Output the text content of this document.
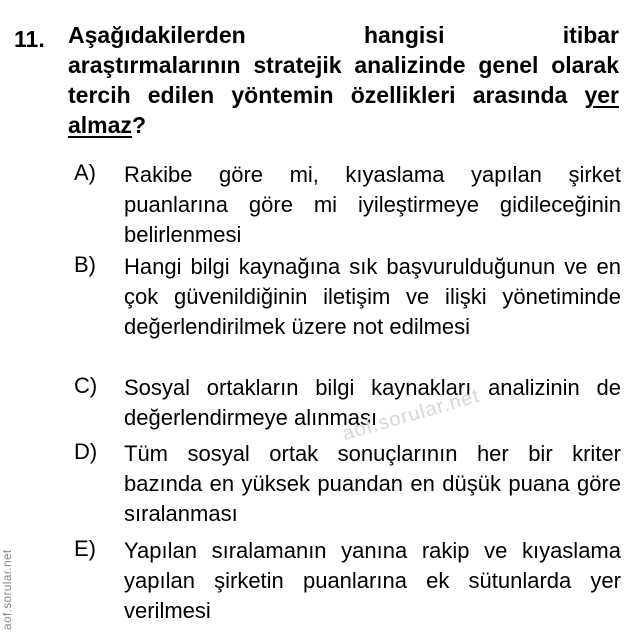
11. Aşağıdakilerden hangisi itibar
araştırmalarının stratejik analizinde genel olarak tercih edilen yöntemin özellikleri arasında yer almaz?
A) Rakibe göre mi, kıyaslama yapılan şirket puanlarına göre mi iyileştirmeye gidileceğinin belirlenmesi
B) Hangi bilgi kaynağına sık başvurulduğunun ve en çok güvenildiğinin iletişim ve ilişki yönetiminde değerlendirilmek üzere not edilmesi
C) Sosyal ortakların bilgi kaynakları analizinin de değerlendirmeye alınması
D) Tüm sosyal ortak sonuçlarının her bir kriter bazında en yüksek puandan en düşük puana göre sıralanması
E) Yapılan sıralamanın yanına rakip ve kıyaslama yapılan şirketin puanlarına ek sütunlarda yer verilmesi
aof.sorular.net
aof.sorular.net
